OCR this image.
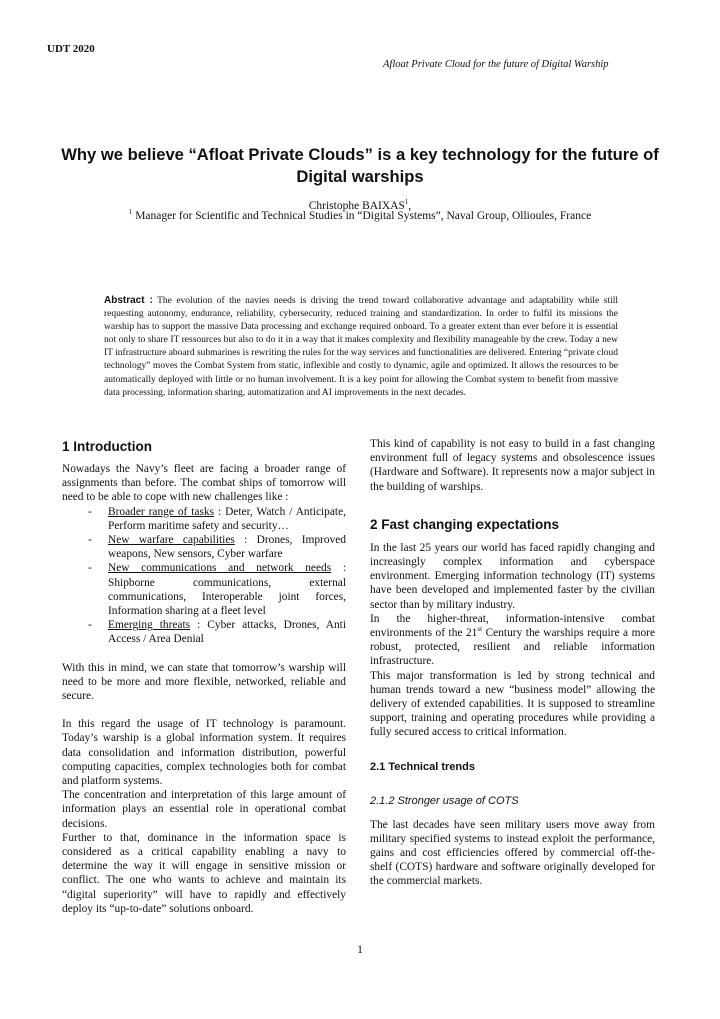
UDT 2020
Afloat Private Cloud for the future of Digital Warship
Why we believe “Afloat Private Clouds” is a key technology for the future of Digital warships
Christophe BAIXAS$^1$,
$^1$ Manager for Scientific and Technical Studies in “Digital Systems”, Naval Group, Ollioules, France
Abstract : The evolution of the navies needs is driving the trend toward collaborative advantage and adaptability while still requesting autonomy, endurance, reliability, cybersecurity, reduced training and standardization. In order to fulfil its missions the warship has to support the massive Data processing and exchange required onboard. To a greater extent than ever before it is essential not only to share IT ressources but also to do it in a way that it makes complexity and flexibility manageable by the crew. Today a new IT infrastructure aboard submarines is rewriting the rules for the way services and functionalities are delivered. Entering “private cloud technology” moves the Combat System from static, inflexible and costly to dynamic, agile and optimized. It allows the resources to be automatically deployed with little or no human involvement. It is a key point for allowing the Combat system to benefit from massive data processing, information sharing, automatization and AI improvements in the next decades.
1 Introduction

Nowadays the Navy’s fleet are facing a broader range of assignments than before. The combat ships of tomorrow will need to be able to cope with new challenges like :

- Broader range of tasks : Deter, Watch / Anticipate, Perform maritime safety and security…
- New warfare capabilities : Drones, Improved weapons, New sensors, Cyber warfare
- New communications and network needs : Shipborne communications, external communications, Interoperable joint forces, Information sharing at a fleet level
- Emerging threats : Cyber attacks, Drones, Anti Access / Area Denial

With this in mind, we can state that tomorrow’s warship will need to be more and more flexible, networked, reliable and secure.

In this regard the usage of IT technology is paramount. Today’s warship is a global information system. It requires data consolidation and information distribution, powerful computing capacities, complex technologies both for combat and platform systems.

The concentration and interpretation of this large amount of information plays an essential role in operational combat decisions.

Further to that, dominance in the information space is considered as a critical capability enabling a navy to determine the way it will engage in sensitive mission or conflict. The one who wants to achieve and maintain its “digital superiority” will have to rapidly and effectively deploy its “up-to-date” solutions onboard.

This kind of capability is not easy to build in a fast changing environment full of legacy systems and obsolescence issues (Hardware and Software). It represents now a major subject in the building of warships.

2 Fast changing expectations

In the last 25 years our world has faced rapidly changing and increasingly complex information and cyberspace environment. Emerging information technology (IT) systems have been developed and implemented faster by the civilian sector than by military industry.

In the higher-threat, information-intensive combat environments of the 21st Century the warships require a more robust, protected, resilient and reliable information infrastructure.

This major transformation is led by strong technical and human trends toward a new “business model” allowing the delivery of extended capabilities. It is supposed to streamline support, training and operating procedures while providing a fully secured access to critical information.

2.1 Technical trends
2.1.2 Stronger usage of COTS

The last decades have seen military users move away from military specified systems to instead exploit the performance, gains and cost efficiencies offered by commercial off-the-shelf (COTS) hardware and software originally developed for the commercial markets.

1
